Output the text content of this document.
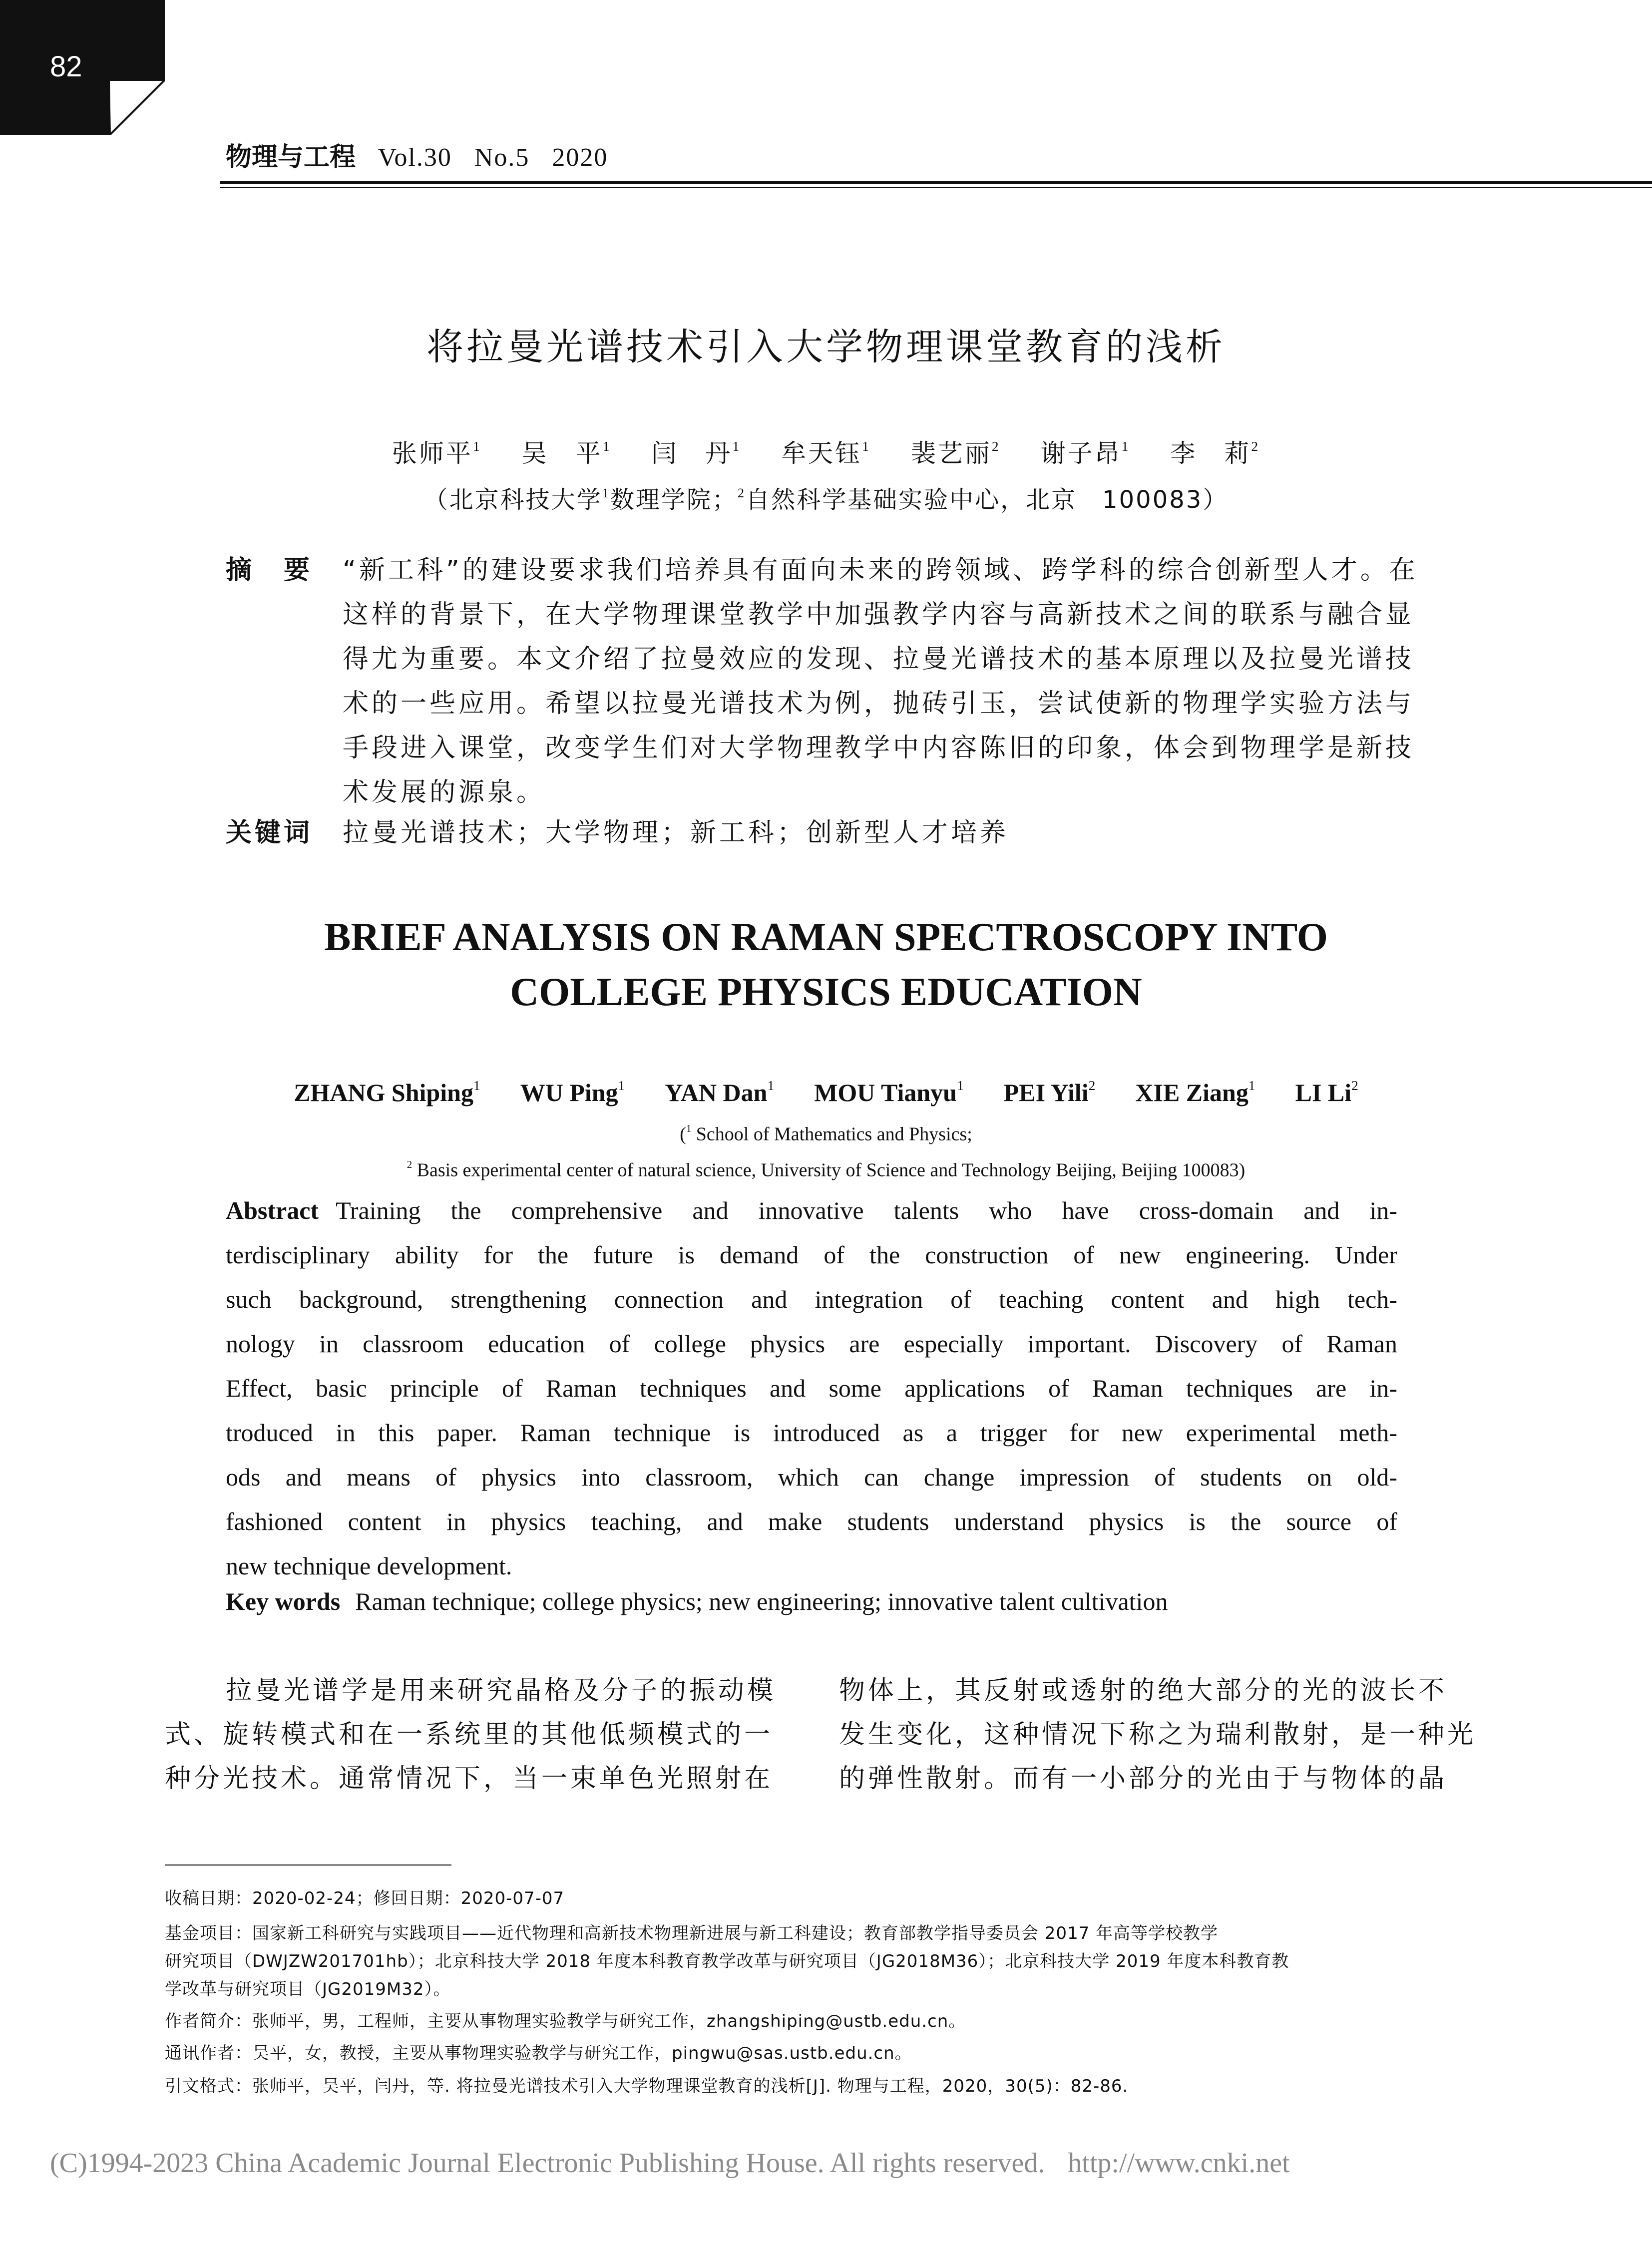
82
物理与工程 Vol.30   No.5   2020
将拉曼光谱技术引入大学物理课堂教育的浅析
张师平$^1$ 吴　平$^1$ 闫　丹$^1$ 牟天钰$^1$ 裴艺丽$^2$ 谢子昂$^1$ 李　莉$^2$
（北京科技大学$^1$数理学院；$^2$自然科学基础实验中心，北京　100083）
摘　要 “新工科”的建设要求我们培养具有面向未来的跨领域、跨学科的综合创新型人才。在
这样的背景下，在大学物理课堂教学中加强教学内容与高新技术之间的联系与融合显
得尤为重要。本文介绍了拉曼效应的发现、拉曼光谱技术的基本原理以及拉曼光谱技
术的一些应用。希望以拉曼光谱技术为例，抛砖引玉，尝试使新的物理学实验方法与
手段进入课堂，改变学生们对大学物理教学中内容陈旧的印象，体会到物理学是新技
术发展的源泉。
关键词 拉曼光谱技术；大学物理；新工科；创新型人才培养
BRIEF ANALYSIS ON RAMAN SPECTROSCOPY INTO
COLLEGE PHYSICS EDUCATION
ZHANG Shiping$^1$ WU Ping$^1$ YAN Dan$^1$ MOU Tianyu$^1$ PEI Yili$^2$ XIE Ziang$^1$ LI Li$^2$
($^1$ School of Mathematics and Physics;
$^2$ Basis experimental center of natural science, University of Science and Technology Beijing, Beijing 100083)
Abstract Training the comprehensive and innovative talents who have cross-domain and in-
terdisciplinary ability for the future is demand of the construction of new engineering. Under
such background, strengthening connection and integration of teaching content and high tech-
nology in classroom education of college physics are especially important. Discovery of Raman
Effect, basic principle of Raman techniques and some applications of Raman techniques are in-
troduced in this paper. Raman technique is introduced as a trigger for new experimental meth-
ods and means of physics into classroom, which can change impression of students on old-
fashioned content in physics teaching, and make students understand physics is the source of
new technique development.
Key words Raman technique; college physics; new engineering; innovative talent cultivation
拉曼光谱学是用来研究晶格及分子的振动模
式、旋转模式和在一系统里的其他低频模式的一
种分光技术。通常情况下，当一束单色光照射在
物体上，其反射或透射的绝大部分的光的波长不
发生变化，这种情况下称之为瑞利散射，是一种光
的弹性散射。而有一小部分的光由于与物体的晶
收稿日期：2020-02-24；修回日期：2020-07-07
基金项目：国家新工科研究与实践项目——近代物理和高新技术物理新进展与新工科建设；教育部教学指导委员会 2017 年高等学校教学
研究项目（DWJZW201701hb）；北京科技大学 2018 年度本科教育教学改革与研究项目（JG2018M36）；北京科技大学 2019 年度本科教育教
学改革与研究项目（JG2019M32）。
作者简介：张师平，男，工程师，主要从事物理实验教学与研究工作，zhangshiping@ustb.edu.cn。
通讯作者：吴平，女，教授，主要从事物理实验教学与研究工作，pingwu@sas.ustb.edu.cn。
引文格式：张师平，吴平，闫丹，等. 将拉曼光谱技术引入大学物理课堂教育的浅析[J]. 物理与工程，2020，30(5)：82-86.
(C)1994-2023 China Academic Journal Electronic Publishing House. All rights reserved. http://www.cnki.net
